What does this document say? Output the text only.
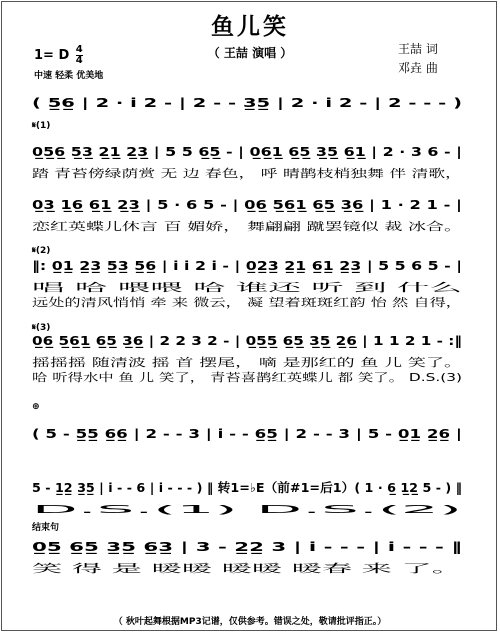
鱼儿笑
（ 王喆 演唱 ）	王喆 词
邓垚 曲
1= D $\frac{4}{4}$
中速 轻柔 优美地
( 5̲6̲ | 2 · i 2 - | 2 - - 3̲5̲ | 2 · i 2 - | 2 - - - )
𝄋(1)
0̲5̲6̲ 5̲3̲ 2̲1̲ 2̲3̲ | 5 5 6̲5̲ - | 0̲6̲1̲ 6̲5̲ 3̲5̲ 6̲1̲ | 2 · 3 6 - |
踏 青苔傍绿荫赏 无 边 春色， 呼 晴鹊枝梢独舞 伴 清歌，
0̲3̲ 1̲6̲ 6̲1̲ 2̲3̲ | 5 · 6 5 - | 0̲6̲ 5̲6̲1̲ 6̲5̲ 3̲6̲ | 1 · 2 1 - |
恋红英蝶儿休言 百 媚娇， 舞翩翩 蹴罢镜似 裁 冰合。
𝄋(2)
‖: 0̲1̲ 2̲3̲ 5̲3̲ 5̲6̲ | i i 2 i - | 0̲2̲3̲ 2̲1̲ 6̲1̲ 2̲3̲ | 5 5 6 5 - |
唱 哈 喂喂 哈 谁还 听 到 什么
远处的清风悄悄 牵 来 微云， 凝 望着斑斑红韵 怡 然 自得，
𝄋(3)
0̲6̲ 5̲6̲1̲ 6̲5̲ 3̲6̲ | 2 2 3 2 - | 0̲5̲5̲ 6̲5̲ 3̲5̲ 2̲6̲ | 1 1 2 1 - :‖
摇摇摇 随清波 摇 首 摆尾， 嘀 是那红的 鱼 儿 笑了。
哈 听得水中 鱼 儿 笑了， 青苔喜鹊红英蝶儿 都 笑了。 D.S.(3)
⊕
( 5 - 5̲5̲ 6̲6̲ | 2 - - 3 | i - - 6̲5̲ | 2 - - 3 | 5 - 0̲1̲ 2̲6̲ |
5 - 1̲2̲ 3̲5̲ | i - - 6 | i - - - ) ‖ 转1=♭E（前#1=后1）( 1 · 6̲ 1̲2̲ 5 - ) ‖
D.S.(1) D.S.(2)
结束句
0̲5̲ 6̲5̲ 3̲5̲ 6̲3̲ | 3 - 2̲2̲ 3 | i - - - | i - - - ‖
笑 得 是 暖暖 暖暖 暖春 来 了。
（ 秋叶起舞根据MP3记谱，仅供参考。错误之处，敬请批评指正。）
